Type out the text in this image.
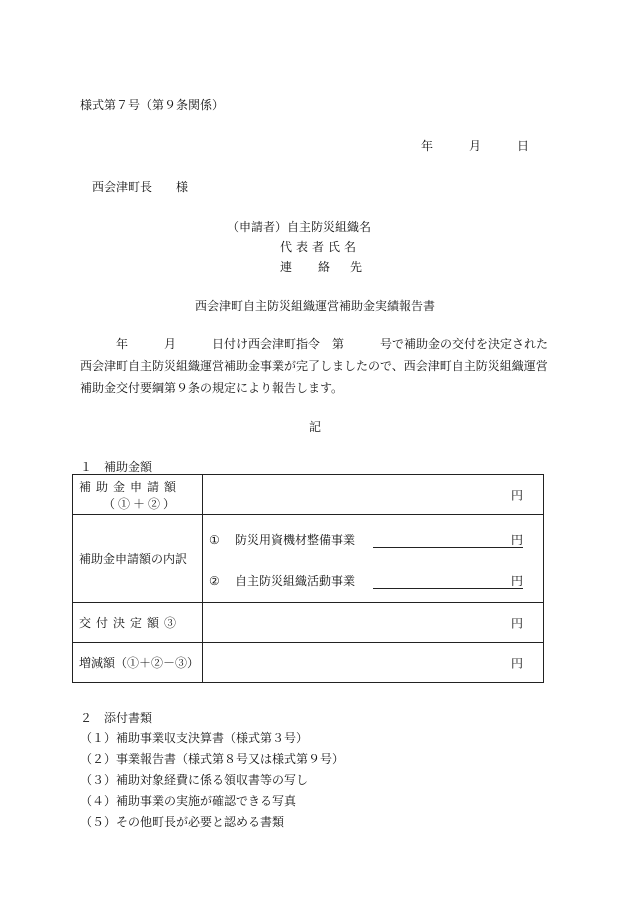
様式第７号（第９条関係）
年	月	日
西会津町長　　様
（申請者）自主防災組織名
代表者氏名
連 絡 先
西会津町自主防災組織運営補助金実績報告書
　　　年　　　月　　　日付け西会津町指令　第　　　号で補助金の交付を決定された西会津町自主防災組織運営補助金事業が完了しましたので、西会津町自主防災組織運営補助金交付要綱第９条の規定により報告します。
記
１　補助金額
補助金申請額
（①＋②）	円

補助金申請額の内訳	① 防災用資機材整備事業 円
② 自主防災組織活動事業 円

交付決定額③	円

増減額（①＋②－③）	円
２　添付書類
（１）補助事業収支決算書（様式第３号）
（２）事業報告書（様式第８号又は様式第９号）
（３）補助対象経費に係る領収書等の写し
（４）補助事業の実施が確認できる写真
（５）その他町長が必要と認める書類
